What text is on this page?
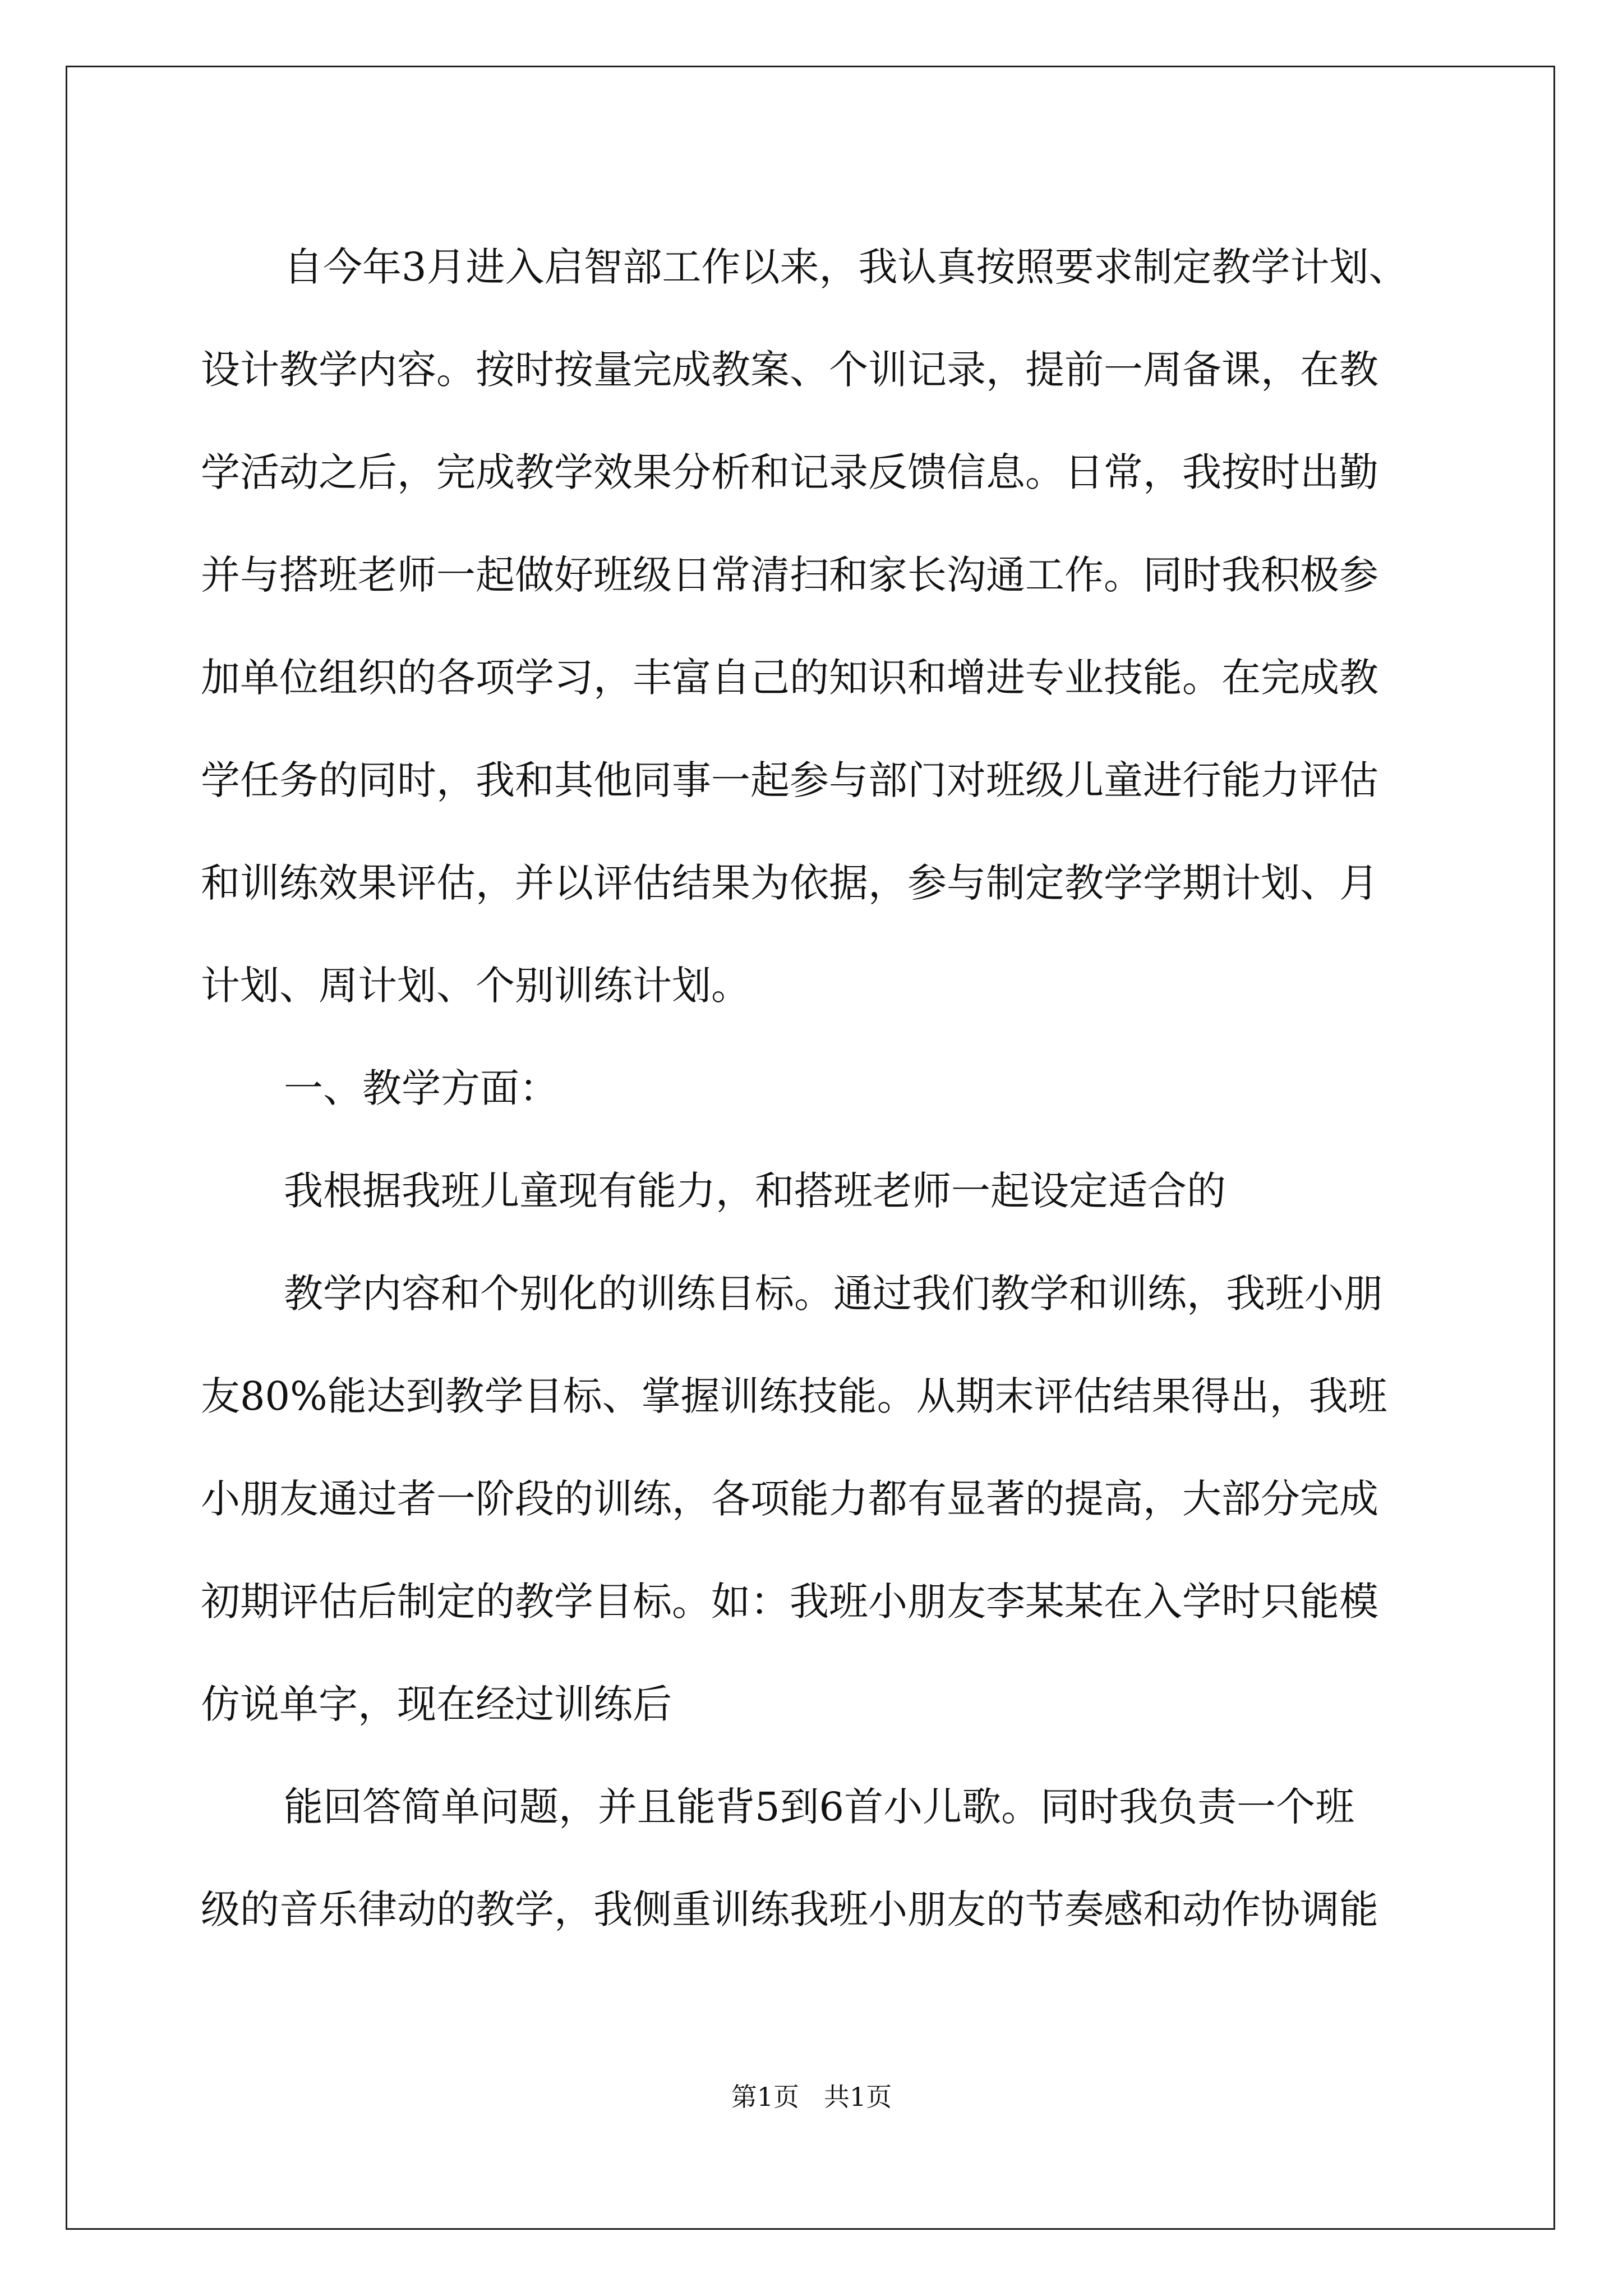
自今年3月进入启智部工作以来，我认真按照要求制定教学计划、
设计教学内容。按时按量完成教案、个训记录，提前一周备课，在教
学活动之后，完成教学效果分析和记录反馈信息。日常，我按时出勤
并与搭班老师一起做好班级日常清扫和家长沟通工作。同时我积极参
加单位组织的各项学习，丰富自己的知识和增进专业技能。在完成教
学任务的同时，我和其他同事一起参与部门对班级儿童进行能力评估
和训练效果评估，并以评估结果为依据，参与制定教学学期计划、月
计划、周计划、个别训练计划。
一、教学方面：
我根据我班儿童现有能力，和搭班老师一起设定适合的
教学内容和个别化的训练目标。通过我们教学和训练，我班小朋
友80%能达到教学目标、掌握训练技能。从期末评估结果得出，我班
小朋友通过者一阶段的训练，各项能力都有显著的提高，大部分完成
初期评估后制定的教学目标。如：我班小朋友李某某在入学时只能模
仿说单字，现在经过训练后
能回答简单问题，并且能背5到6首小儿歌。同时我负责一个班
级的音乐律动的教学，我侧重训练我班小朋友的节奏感和动作协调能
第1页 共1页
